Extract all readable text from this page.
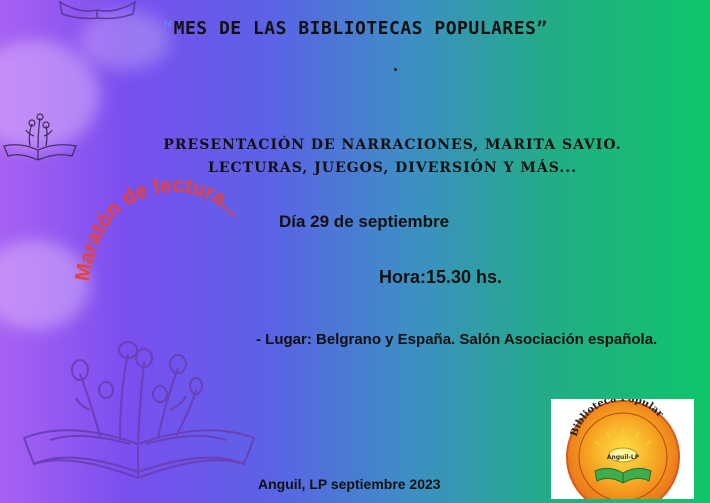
“MES DE LAS BIBLIOTECAS POPULARES”
PRESENTACIÓN DE NARRACIONES, MARITA SAVIO.
LECTURAS, JUEGOS, DIVERSIÓN Y MÁS...
Maratón de lectura...
Día 29 de septiembre
Hora:15.30 hs.
- Lugar: Belgrano y España. Salón Asociación española.
Anguil, LP septiembre 2023
Biblioteca opular
Anguil-LP
